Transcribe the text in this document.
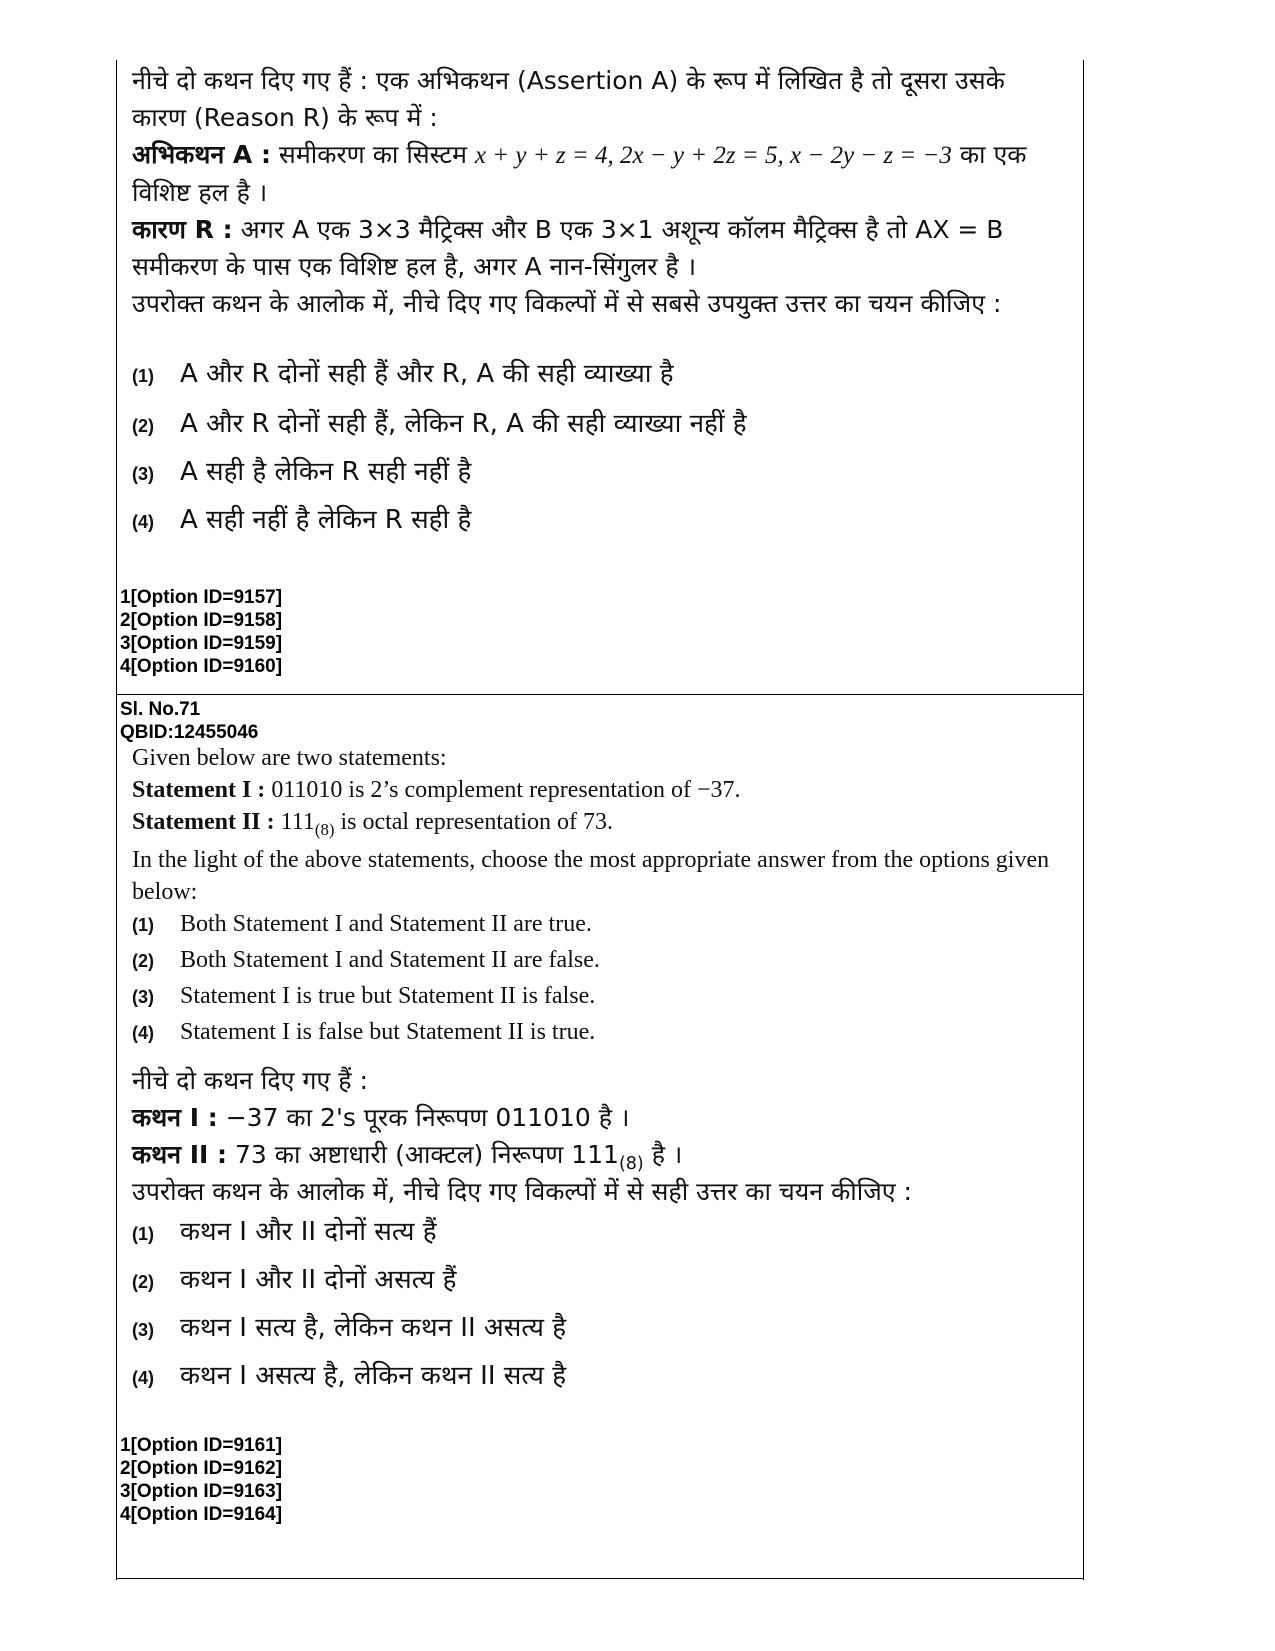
नीचे दो कथन दिए गए हैं : एक अभिकथन (Assertion A) के रूप में लिखित है तो दूसरा उसके कारण (Reason R) के रूप में :

अभिकथन A : समीकरण का सिस्टम x + y + z = 4, 2x − y + 2z = 5, x − 2y − z = −3 का एक विशिष्ट हल है ।

कारण R : अगर A एक 3×3 मैट्रिक्स और B एक 3×1 अशून्य कॉलम मैट्रिक्स है तो AX = B समीकरण के पास एक विशिष्ट हल है, अगर A नान-सिंगुलर है ।

उपरोक्त कथन के आलोक में, नीचे दिए गए विकल्पों में से सबसे उपयुक्त उत्तर का चयन कीजिए :

(1)	A और R दोनों सही हैं और R, A की सही व्याख्या है
(2)	A और R दोनों सही हैं, लेकिन R, A की सही व्याख्या नहीं है
(3)	A सही है लेकिन R सही नहीं है
(4)	A सही नहीं है लेकिन R सही है
1[Option ID=9157]
2[Option ID=9158]
3[Option ID=9159]
4[Option ID=9160]
Sl. No.71
QBID:12455046

Given below are two statements:

Statement I : 011010 is 2’s complement representation of −37.

Statement II : $111_{(8)}$ is octal representation of 73.

In the light of the above statements, choose the most appropriate answer from the options given below:

(1)	Both Statement I and Statement II are true.
(2)	Both Statement I and Statement II are false.
(3)	Statement I is true but Statement II is false.
(4)	Statement I is false but Statement II is true.

नीचे दो कथन दिए गए हैं :

कथन I : −37 का 2's पूरक निरूपण 011010 है ।

कथन II : 73 का अष्टाधारी (आक्टल) निरूपण $111_{(8)}$ है ।

उपरोक्त कथन के आलोक में, नीचे दिए गए विकल्पों में से सही उत्तर का चयन कीजिए :

(1)	कथन I और II दोनों सत्य हैं
(2)	कथन I और II दोनों असत्य हैं
(3)	कथन I सत्य है, लेकिन कथन II असत्य है
(4)	कथन I असत्य है, लेकिन कथन II सत्य है
1[Option ID=9161]
2[Option ID=9162]
3[Option ID=9163]
4[Option ID=9164]
